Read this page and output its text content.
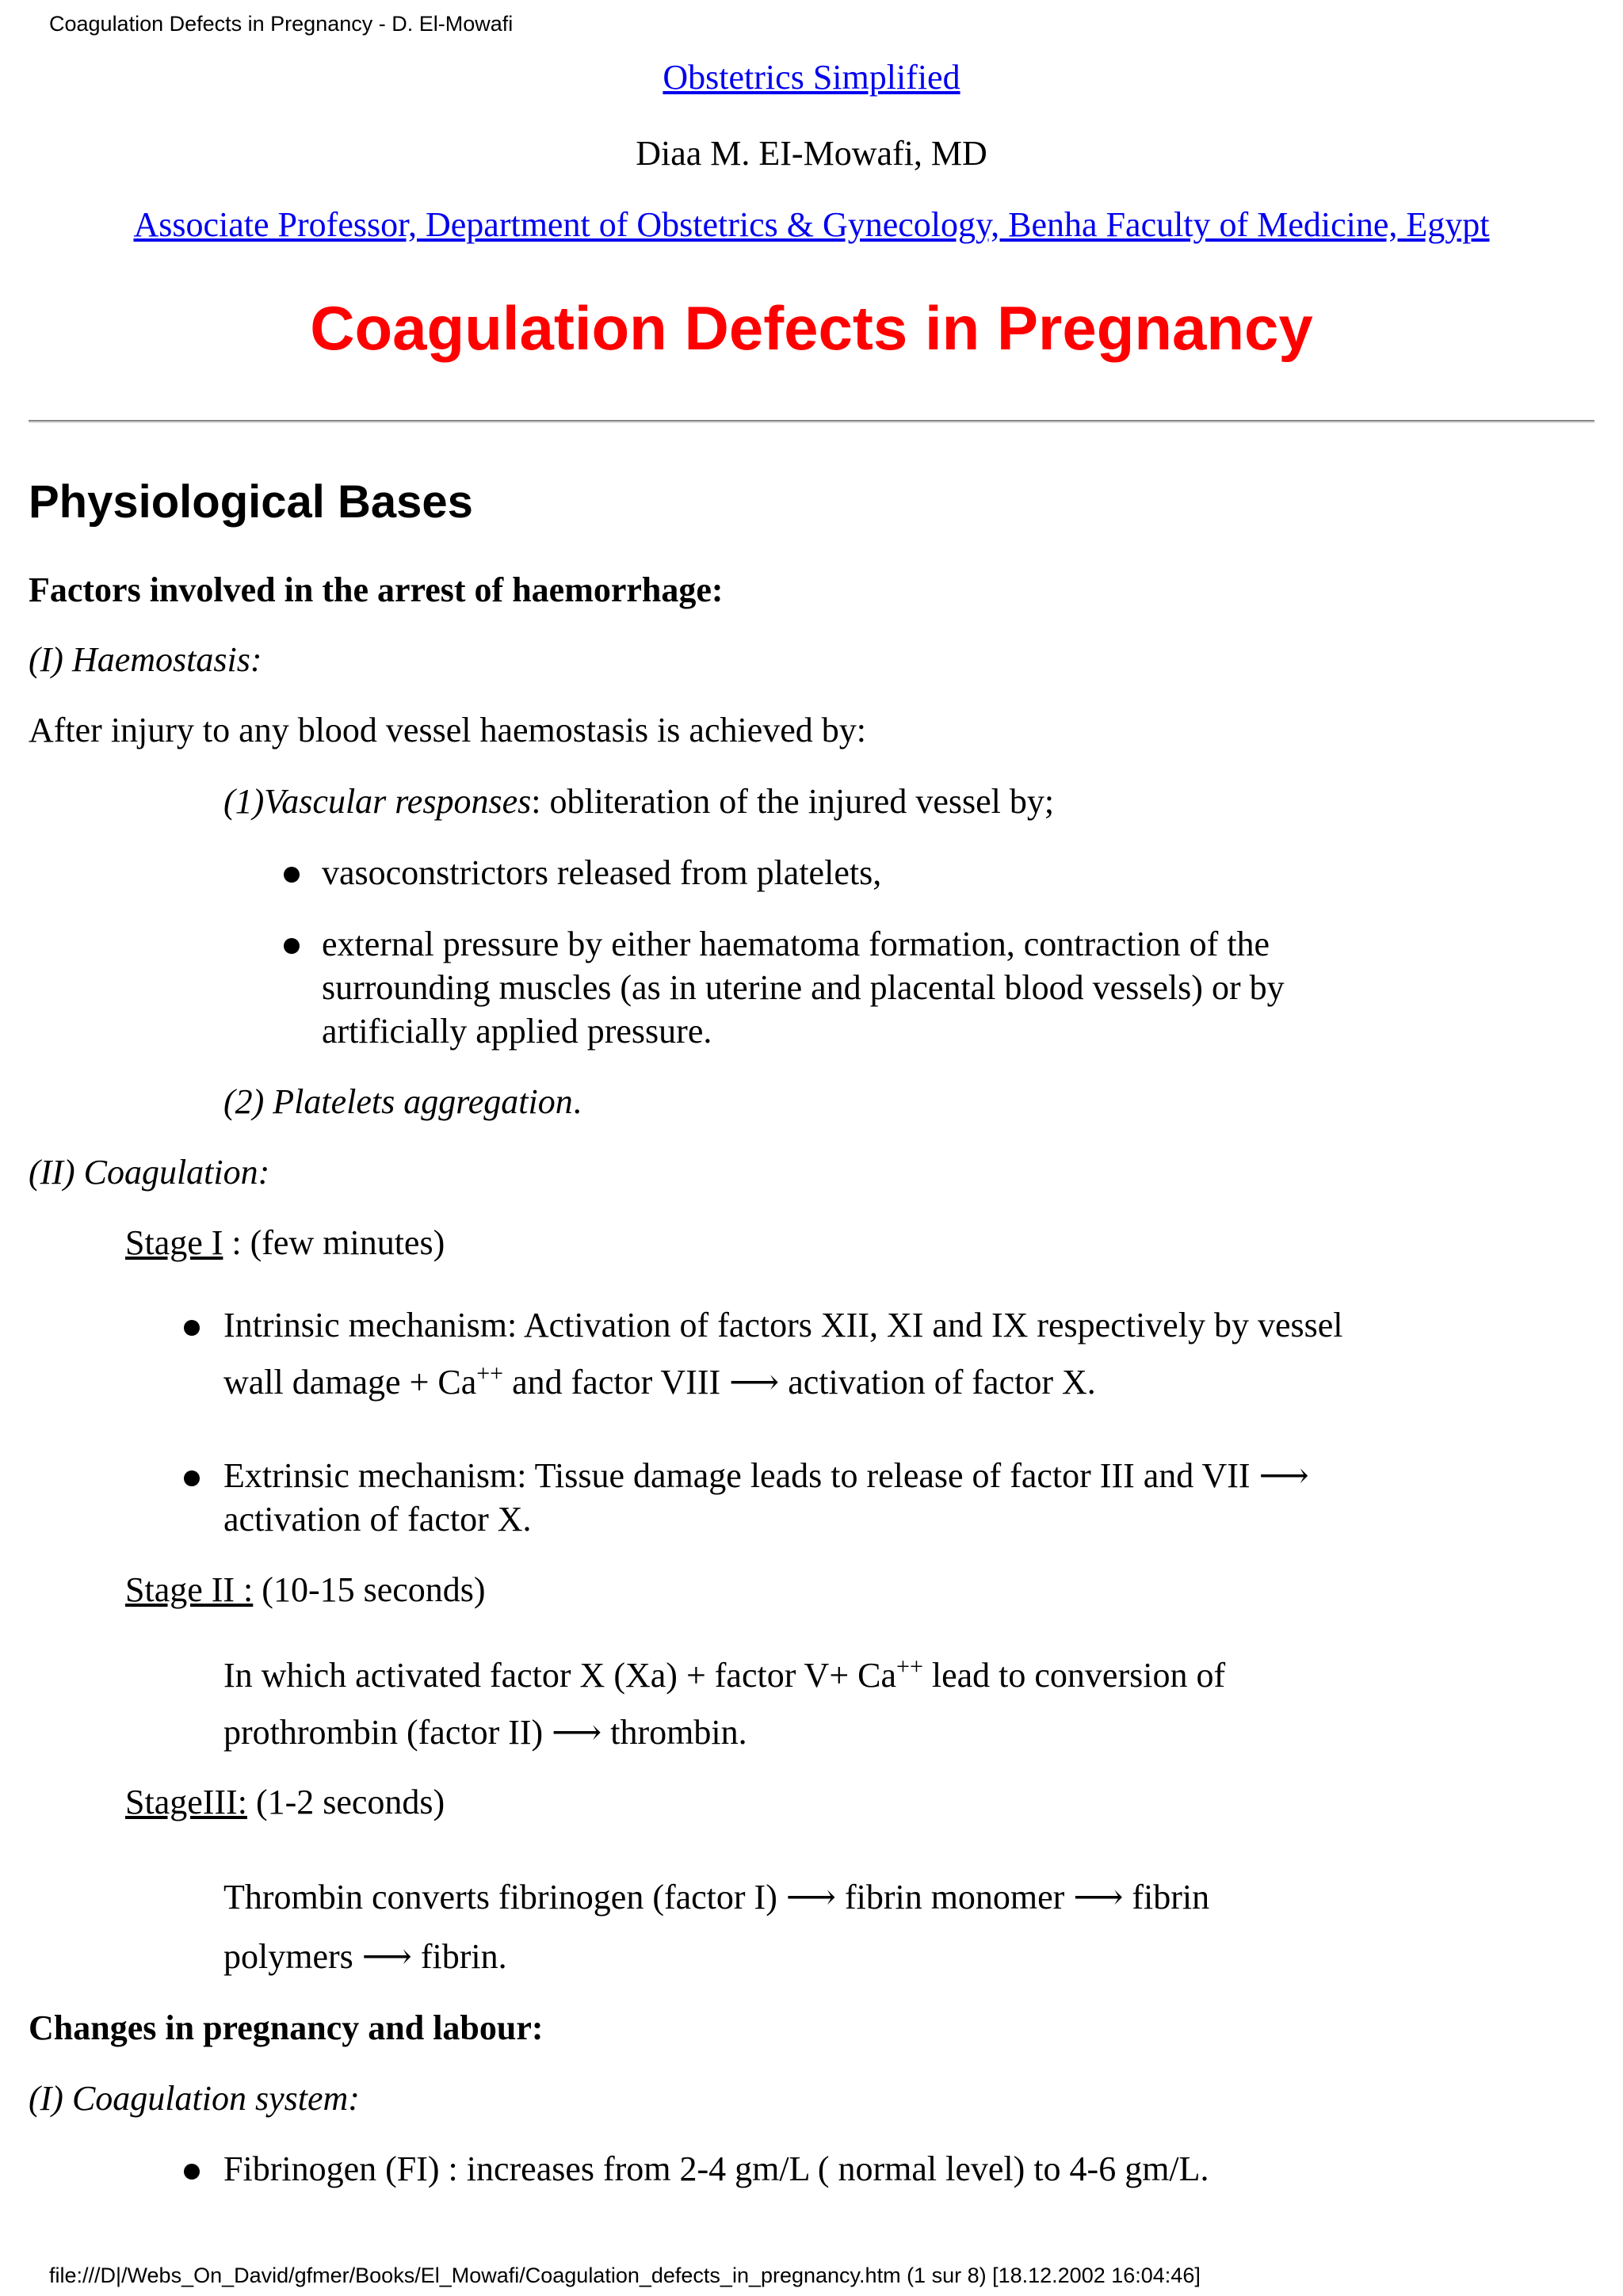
Coagulation Defects in Pregnancy - D. El-Mowafi
Obstetrics Simplified
Diaa M. EI-Mowafi, MD
Associate Professor, Department of Obstetrics & Gynecology, Benha Faculty of Medicine, Egypt
Coagulation Defects in Pregnancy
Physiological Bases
Factors involved in the arrest of haemorrhage:
(I) Haemostasis:
After injury to any blood vessel haemostasis is achieved by:
(1)Vascular responses: obliteration of the injured vessel by;
vasoconstrictors released from platelets,
external pressure by either haematoma formation, contraction of the
surrounding muscles (as in uterine and placental blood vessels) or by
artificially applied pressure.
(2) Platelets aggregation.
(II) Coagulation:
Stage I : (few minutes)
Intrinsic mechanism: Activation of factors XII, XI and IX respectively by vessel
wall damage + Ca++ and factor VIII ⟶ activation of factor X.
Extrinsic mechanism: Tissue damage leads to release of factor III and VII ⟶
activation of factor X.
Stage II : (10-15 seconds)
In which activated factor X (Xa) + factor V+ Ca++ lead to conversion of
prothrombin (factor II) ⟶ thrombin.
StageIII: (1-2 seconds)
Thrombin converts fibrinogen (factor I) ⟶ fibrin monomer ⟶ fibrin
polymers ⟶ fibrin.
Changes in pregnancy and labour:
(I) Coagulation system:
Fibrinogen (FI) : increases from 2-4 gm/L ( normal level) to 4-6 gm/L.
file:///D|/Webs_On_David/gfmer/Books/El_Mowafi/Coagulation_defects_in_pregnancy.htm (1 sur 8) [18.12.2002 16:04:46]
